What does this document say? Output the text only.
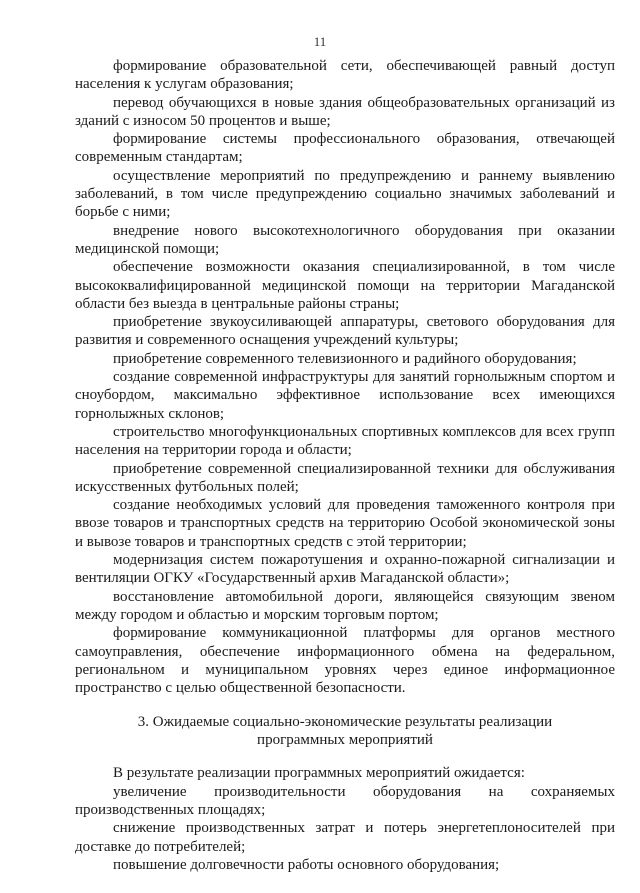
11

формирование образовательной сети, обеспечивающей равный доступ населения к услугам образования;

перевод обучающихся в новые здания общеобразовательных организаций из зданий с износом 50 процентов и выше;

формирование системы профессионального образования, отвечающей современным стандартам;

осуществление мероприятий по предупреждению и раннему выявлению заболеваний, в том числе предупреждению социально значимых заболеваний и борьбе с ними;

внедрение нового высокотехнологичного оборудования при оказании медицинской помощи;

обеспечение возможности оказания специализированной, в том числе высококвалифицированной медицинской помощи на территории Магаданской области без выезда в центральные районы страны;

приобретение звукоусиливающей аппаратуры, светового оборудования для развития и современного оснащения учреждений культуры;

приобретение современного телевизионного и радийного оборудования;

создание современной инфраструктуры для занятий горнолыжным спортом и сноубордом, максимально эффективное использование всех имеющихся горнолыжных склонов;

строительство многофункциональных спортивных комплексов для всех групп населения на территории города и области;

приобретение современной специализированной техники для обслуживания искусственных футбольных полей;

создание необходимых условий для проведения таможенного контроля при ввозе товаров и транспортных средств на территорию Особой экономической зоны и вывозе товаров и транспортных средств с этой территории;

модернизация систем пожаротушения и охранно-пожарной сигнализации и вентиляции ОГКУ «Государственный архив Магаданской области»;

восстановление автомобильной дороги, являющейся связующим звеном между городом и областью и морским торговым портом;

формирование коммуникационной платформы для органов местного самоуправления, обеспечение информационного обмена на федеральном, региональном и муниципальном уровнях через единое информационное пространство с целью общественной безопасности.

3. Ожидаемые социально-экономические результаты реализации
программных мероприятий

В результате реализации программных мероприятий ожидается:

увеличение производительности оборудования на сохраняемых производственных площадях;

снижение производственных затрат и потерь энергетеплоносителей при доставке до потребителей;

повышение долговечности работы основного оборудования;
